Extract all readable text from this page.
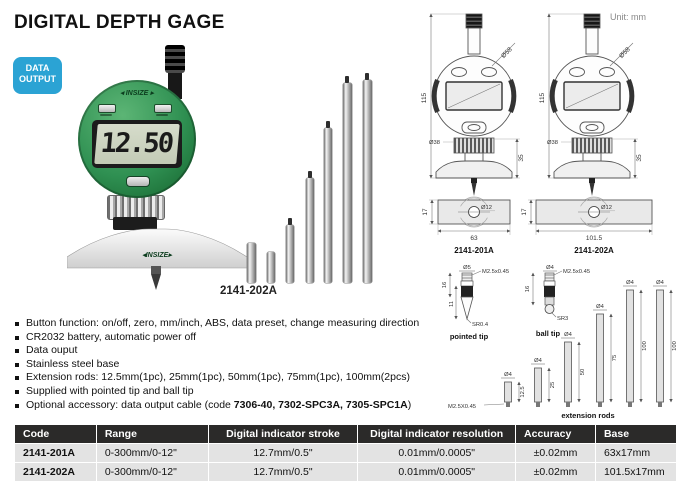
DIGITAL DEPTH GAGE
DATA
OUTPUT
Unit: mm
◂ INSIZE ▸
◂ INSIZE ▸
12.50
2141-202A
Button function: on/off, zero, mm/inch, ABS, data preset, change measuring direction
CR2032 battery, automatic power off
Data ouput
Stainless steel base
Extension rods: 12.5mm(1pc), 25mm(1pc), 50mm(1pc), 75mm(1pc), 100mm(2pcs)
Supplied with pointed tip and ball tip
Optional accessory: data output cable (code 7306-40, 7302-SPC3A, 7305-SPC1A)
115
Ø58
Ø38
35
Ø12
17
63
2141-201A
115
Ø58
Ø38
35
Ø12
17
101.5
2141-202A
Ø5
M2.5x0.45
16
11
SR0.4
pointed tip
Ø4
M2.5x0.45
16
SR3
ball tip
Ø4
12.5
Ø4
25
Ø4
50
Ø4
75
Ø4
100
Ø4
100
M2.5X0.45
extension rods
Code	Range	Digital indicator stroke	Digital indicator resolution	Accuracy	Base
2141-201A	0-300mm/0-12"	12.7mm/0.5"	0.01mm/0.0005"	±0.02mm	63x17mm
2141-202A	0-300mm/0-12"	12.7mm/0.5"	0.01mm/0.0005"	±0.02mm	101.5x17mm
